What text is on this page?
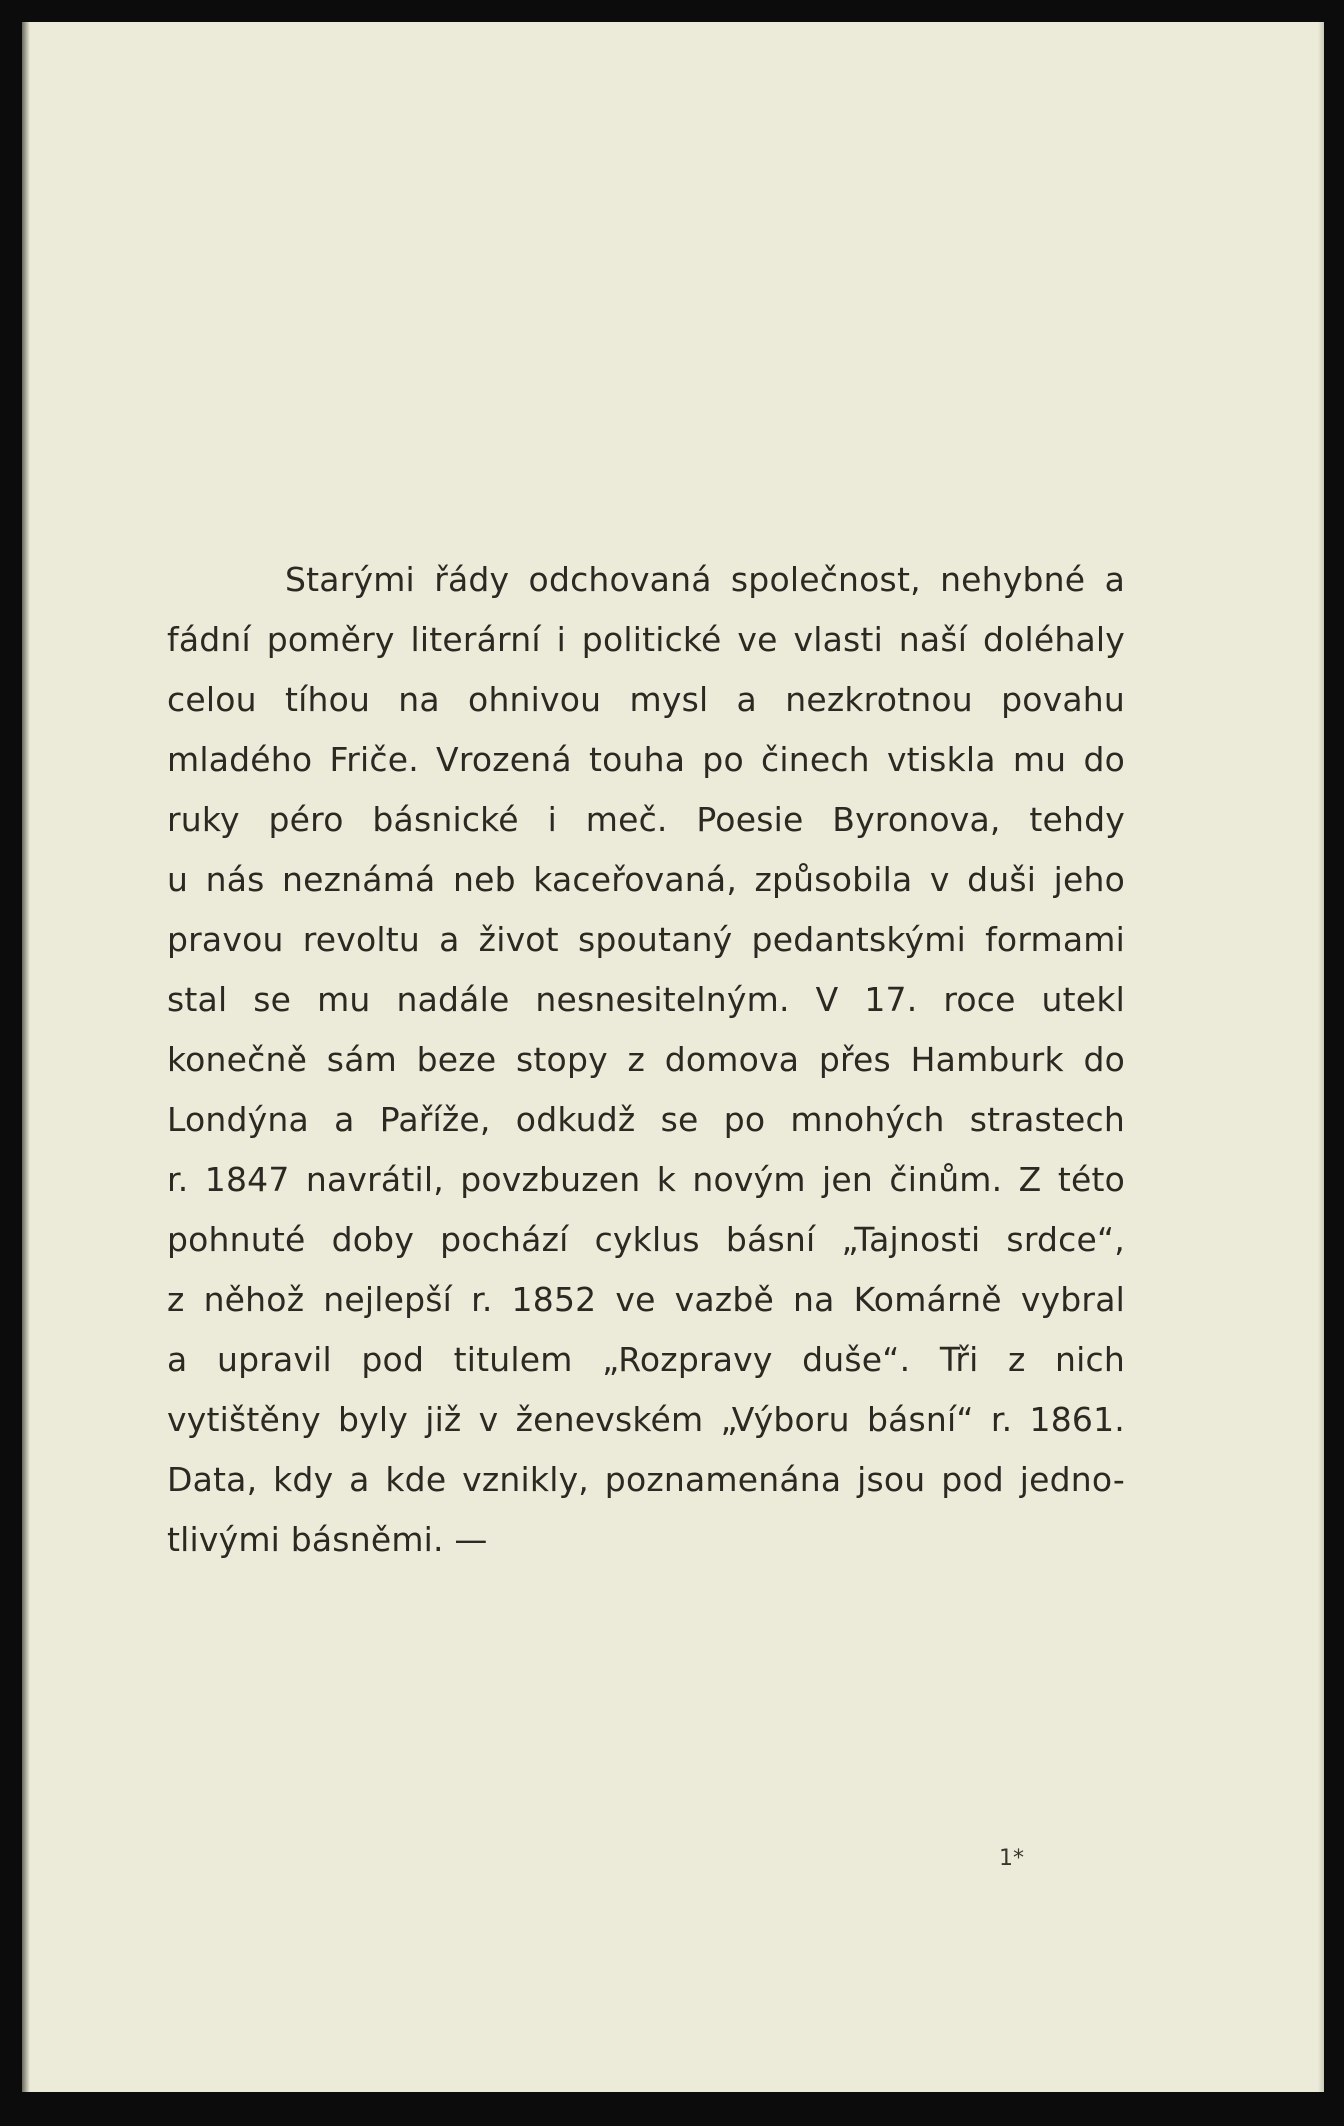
Starými řády odchovaná společnost, nehybné a
fádní poměry literární i politické ve vlasti naší doléhaly
celou tíhou na ohnivou mysl a nezkrotnou povahu
mladého Friče. Vrozená touha po činech vtiskla mu do
ruky péro básnické i meč. Poesie Byronova, tehdy
u nás neznámá neb kaceřovaná, způsobila v duši jeho
pravou revoltu a život spoutaný pedantskými formami
stal se mu nadále nesnesitelným. V 17. roce utekl
konečně sám beze stopy z domova přes Hamburk do
Londýna a Paříže, odkudž se po mnohých strastech
r. 1847 navrátil, povzbuzen k novým jen činům. Z této
pohnuté doby pochází cyklus básní „Tajnosti srdce“,
z něhož nejlepší r. 1852 ve vazbě na Komárně vybral
a upravil pod titulem „Rozpravy duše“. Tři z nich
vytištěny byly již v ženevském „Výboru básní“ r. 1861.
Data, kdy a kde vznikly, poznamenána jsou pod jedno-
tlivými básněmi. —
1*
